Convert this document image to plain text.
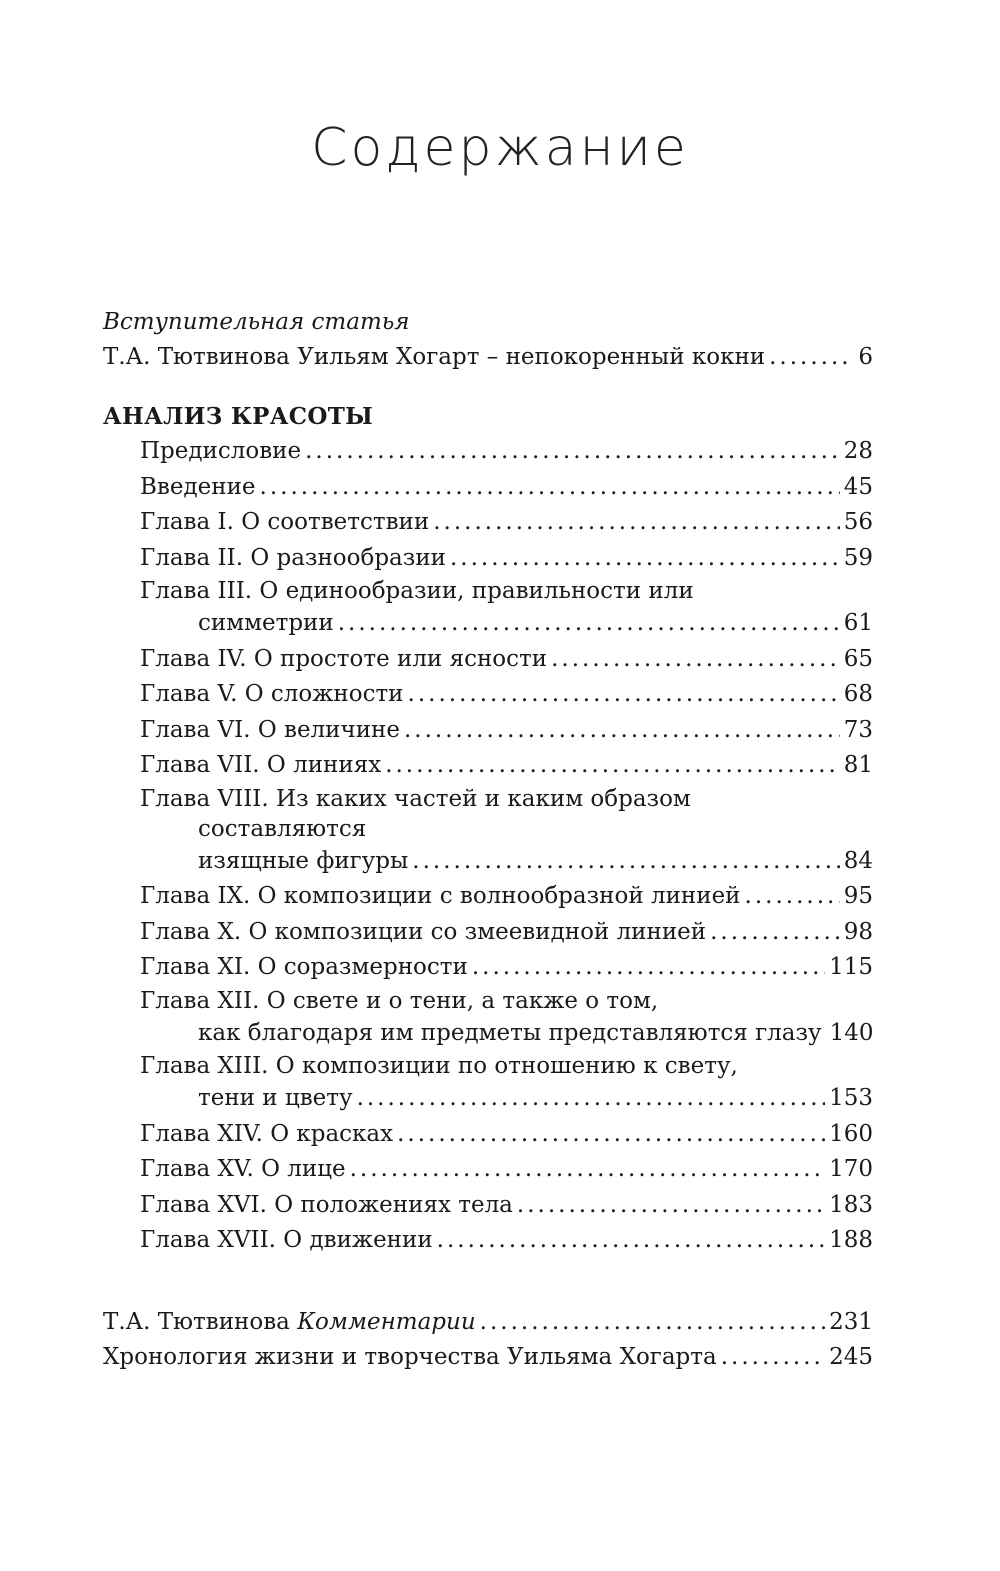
Содержание
Вступительная статья
Т.А. Тютвинова Уильям Хогарт – непокоренный кокни .....	6
АНАЛИЗ КРАСОТЫ
Предисловие .....	28
Введение .....	45
Глава I. О соответствии .....	56
Глава II. О разнообразии .....	59
Глава III. О единообразии, правильности или
симметрии .....	61
Глава IV. О простоте или ясности .....	65
Глава V. О сложности .....	68
Глава VI. О величине .....	73
Глава VII. О линиях .....	81
Глава VIII. Из каких частей и каким образом
составляются
изящные фигуры .....	84
Глава IX. О композиции с волнообразной линией .....	95
Глава X. О композиции со змеевидной линией .....	98
Глава XI. О соразмерности .....	115
Глава XII. О свете и о тени, а также о том,
как благодаря им предметы представляются глазу 140
Глава XIII. О композиции по отношению к свету,
тени и цвету .....	153
Глава XIV. О красках .....	160
Глава XV. О лице .....	170
Глава XVI. О положениях тела .....	183
Глава XVII. О движении .....	188
Т.А. Тютвинова Комментарии .....	231
Хронология жизни и творчества Уильяма Хогарта .....	245
